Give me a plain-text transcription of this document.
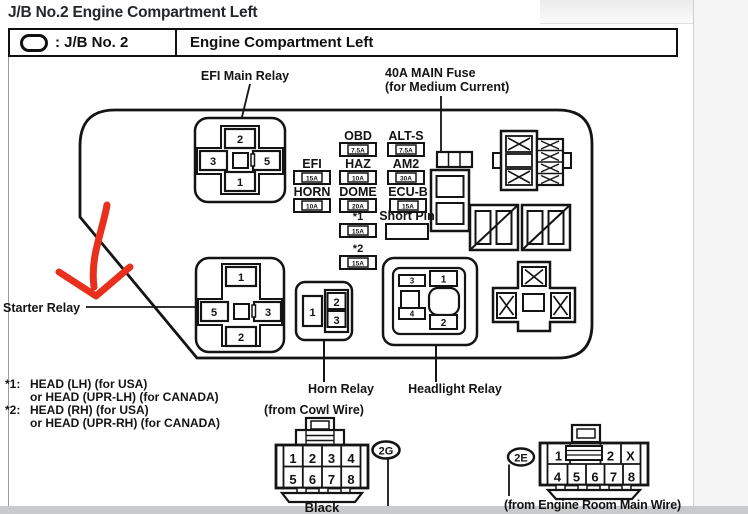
J/B No.2 Engine Compartment Left
: J/B No. 2	Engine Compartment Left
EFI Main Relay
2
3	5
1
40A MAIN Fuse
(for Medium Current)
OBD
7.5A
ALT-S
7.5A
EFI
15A
HAZ
10A
AM2
30A
HORN
10A
DOME
20A
ECU-B
15A
*1
15A
*2
15A
Short Pin
Starter Relay
1
5	3
2
1
2
3
Horn Relay
3	1
4
2
Headlight Relay
*1: HEAD (LH) (for USA)
or HEAD (UPR-LH) (for CANADA)
*2: HEAD (RH) (for USA)
or HEAD (UPR-RH) (for CANADA)
(from Cowl Wire)
1 2 3 4
5 6 7 8
Black
2G
2E 1	2 X
4 5 6 7 8
(from Engine Room Main Wire)
